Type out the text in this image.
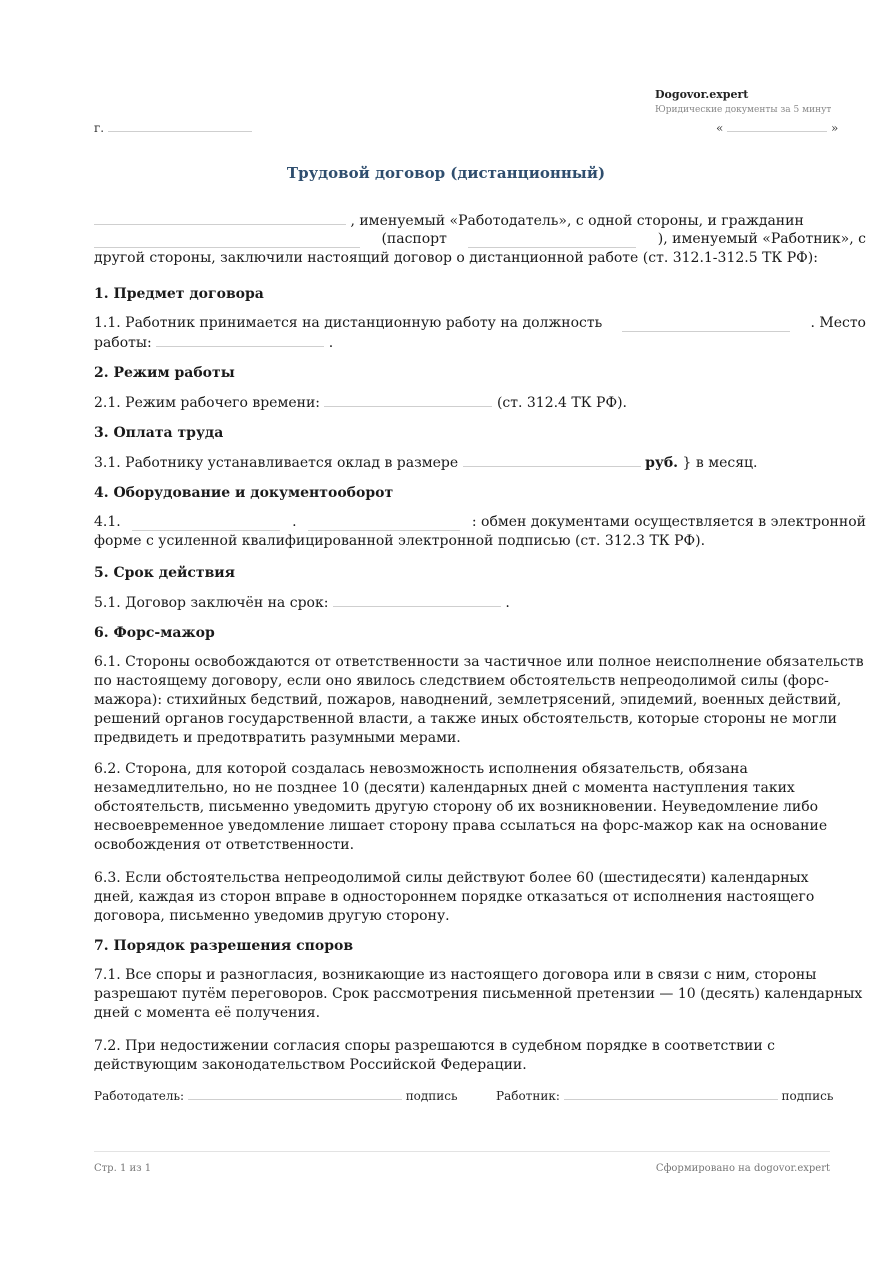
Dogovor.expert
Юридические документы за 5 минут
г.	«	»
Трудовой договор (дистанционный)
, именуемый «Работодатель», с одной стороны, и гражданин
(паспорт	), именуемый «Работник», с
другой стороны, заключили настоящий договор о дистанционной работе (ст. 312.1-312.5 ТК РФ):
1. Предмет договора
1.1. Работник принимается на дистанционную работу на должность	. Место
работы:	.
2. Режим работы
2.1. Режим рабочего времени:	(ст. 312.4 ТК РФ).
3. Оплата труда
3.1. Работнику устанавливается оклад в размере	руб. } в месяц.
4. Оборудование и документооборот
4.1.	.	: обмен документами осуществляется в электронной
форме с усиленной квалифицированной электронной подписью (ст. 312.3 ТК РФ).
5. Срок действия
5.1. Договор заключён на срок:	.
6. Форс-мажор
6.1. Стороны освобождаются от ответственности за частичное или полное неисполнение обязательств по настоящему договору, если оно явилось следствием обстоятельств непреодолимой силы (форс-мажора): стихийных бедствий, пожаров, наводнений, землетрясений, эпидемий, военных действий, решений органов государственной власти, а также иных обстоятельств, которые стороны не могли предвидеть и предотвратить разумными мерами.
6.2. Сторона, для которой создалась невозможность исполнения обязательств, обязана незамедлительно, но не позднее 10 (десяти) календарных дней с момента наступления таких обстоятельств, письменно уведомить другую сторону об их возникновении. Неуведомление либо несвоевременное уведомление лишает сторону права ссылаться на форс-мажор как на основание освобождения от ответственности.
6.3. Если обстоятельства непреодолимой силы действуют более 60 (шестидесяти) календарных дней, каждая из сторон вправе в одностороннем порядке отказаться от исполнения настоящего договора, письменно уведомив другую сторону.
7. Порядок разрешения споров
7.1. Все споры и разногласия, возникающие из настоящего договора или в связи с ним, стороны разрешают путём переговоров. Срок рассмотрения письменной претензии — 10 (десять) календарных дней с момента её получения.
7.2. При недостижении согласия споры разрешаются в судебном порядке в соответствии с действующим законодательством Российской Федерации.
Работодатель:	подпись	Работник:	подпись
Стр. 1 из 1	Сформировано на dogovor.expert
